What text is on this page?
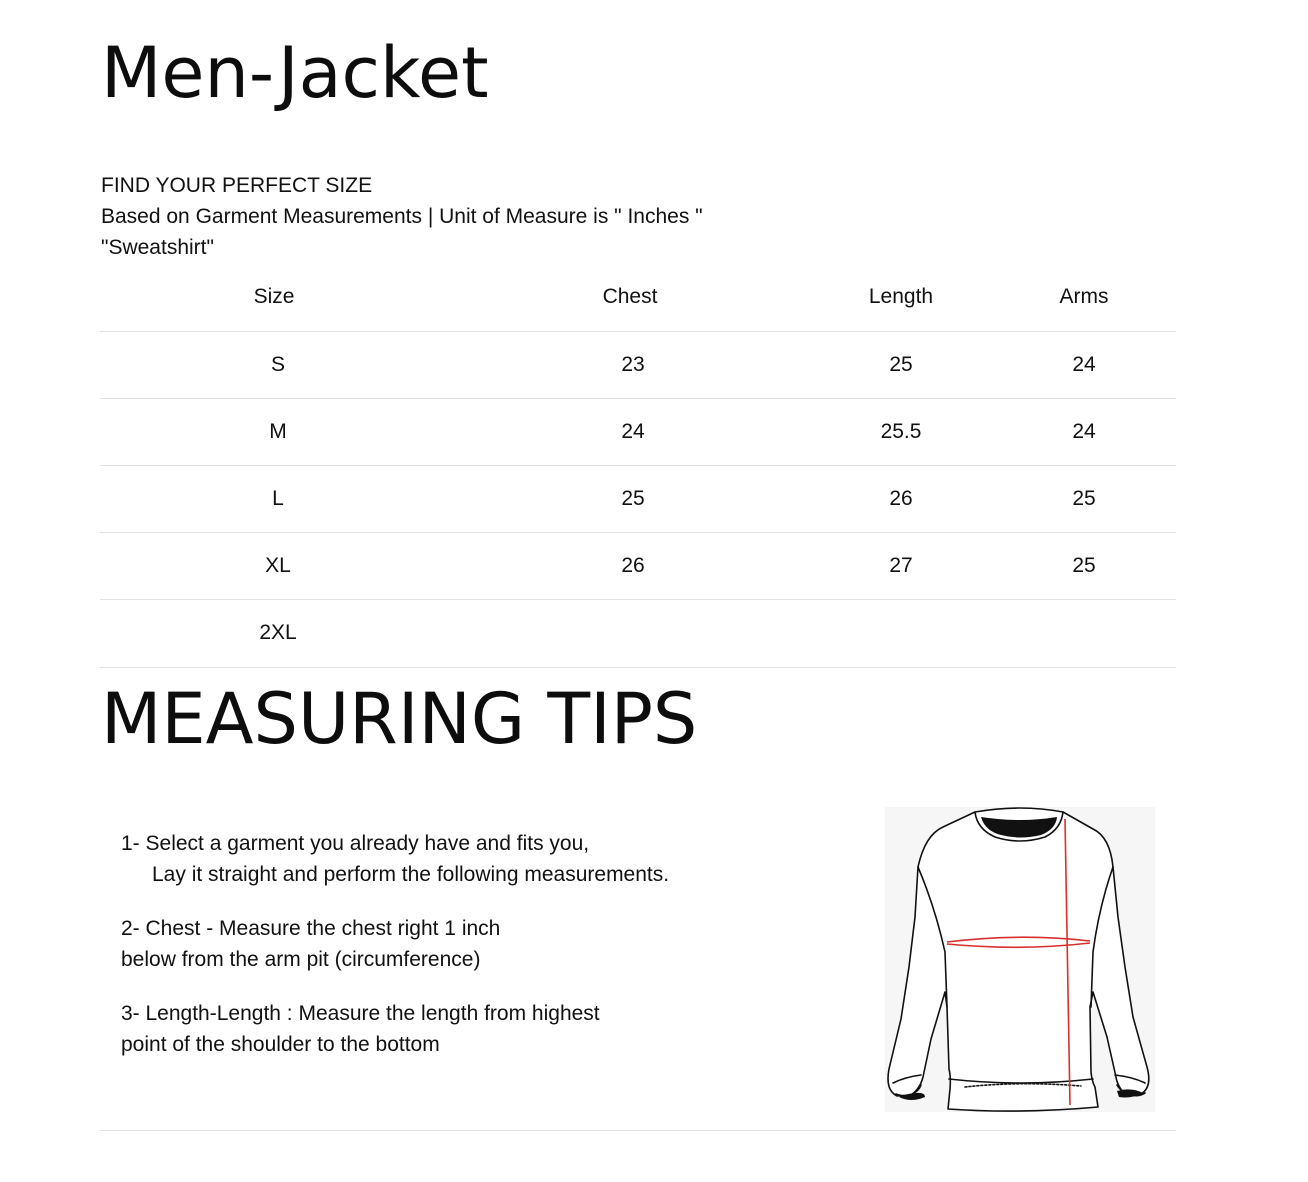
Men-Jacket
FIND YOUR PERFECT SIZE
Based on Garment Measurements | Unit of Measure is " Inches "
"Sweatshirt"
Size	Chest	Length	Arms
S	23	25	24
M	24	25.5	24
L	25	26	25
XL	26	27	25
2XL			
MEASURING TIPS
1- Select a garment you already have and fits you,
Lay it straight and perform the following measurements.
2- Chest - Measure the chest right 1 inch
below from the arm pit (circumference)
3- Length-Length : Measure the length from highest
point of the shoulder to the bottom
